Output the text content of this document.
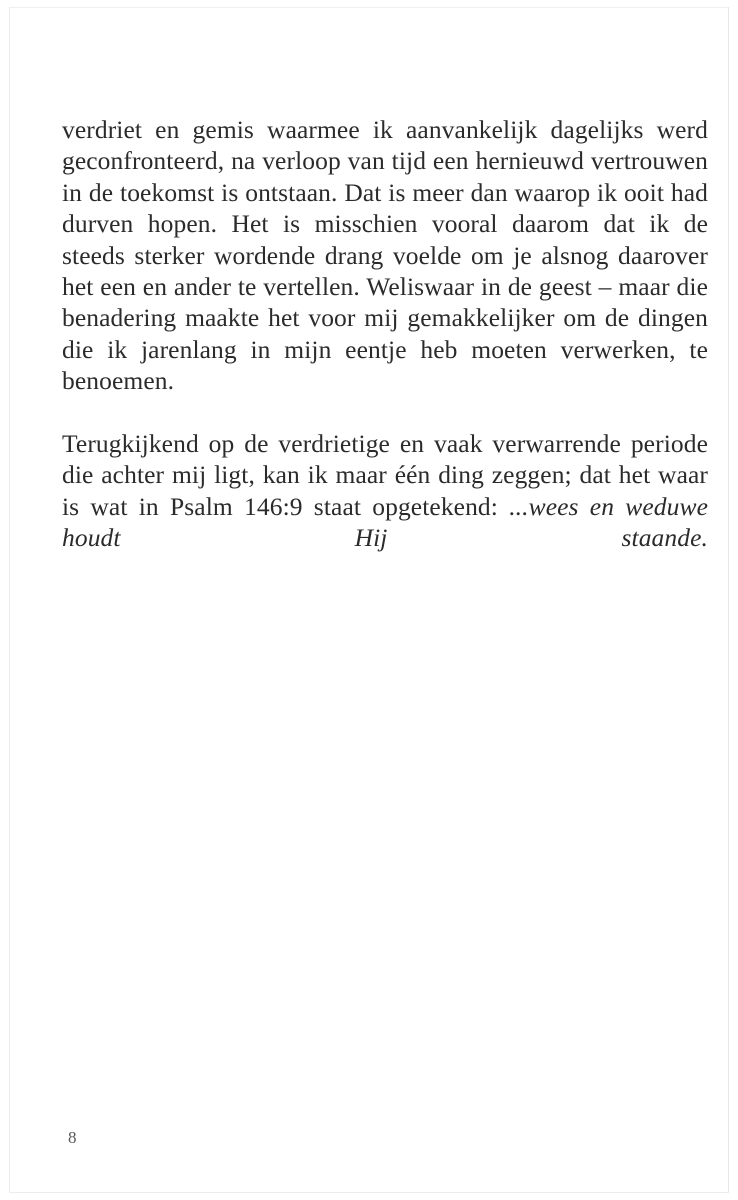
verdriet en gemis waarmee ik aanvankelijk dagelijks werd geconfronteerd, na verloop van tijd een hernieuwd vertrouwen in de toekomst is ontstaan. Dat is meer dan waarop ik ooit had durven hopen. Het is misschien vooral daarom dat ik de steeds sterker wordende drang voelde om je alsnog daarover het een en ander te vertellen. Weliswaar in de geest – maar die benadering maakte het voor mij gemakkelijker om de dingen die ik jarenlang in mijn eentje heb moeten verwerken, te benoemen.

Terugkijkend op de verdrietige en vaak verwarrende periode die achter mij ligt, kan ik maar één ding zeggen; dat het waar is wat in Psalm 146:9 staat opgetekend: ...wees en weduwe houdt Hij staande.

8
